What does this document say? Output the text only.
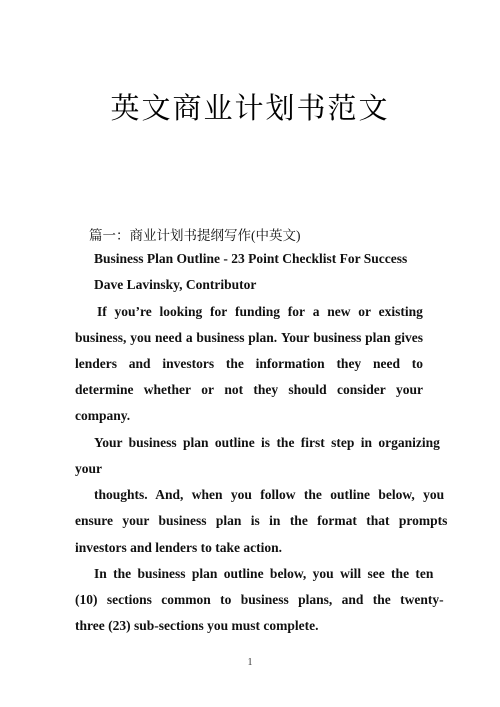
英文商业计划书范文
篇一：商业计划书提纲写作(中英文)
Business Plan Outline - 23 Point Checklist For Success
Dave Lavinsky, Contributor
If you’re looking for funding for a new or existing
business, you need a business plan. Your business plan gives
lenders and investors the information they need to
determine whether or not they should consider your
company.
Your business plan outline is the first step in organizing
your
thoughts. And, when you follow the outline below, you
ensure your business plan is in the format that prompts
investors and lenders to take action.
In the business plan outline below, you will see the ten
(10) sections common to business plans, and the twenty-
three (23) sub-sections you must complete.
1
